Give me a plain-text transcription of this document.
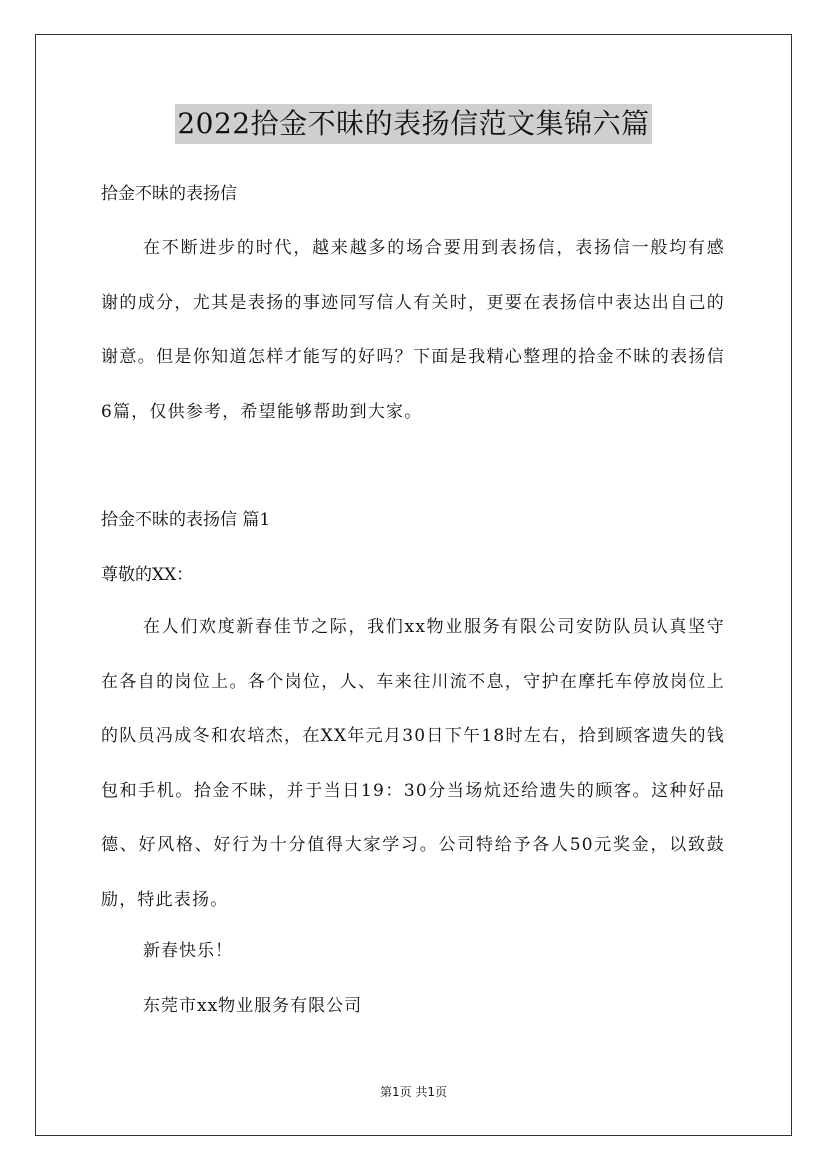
2022拾金不昧的表扬信范文集锦六篇

拾金不昧的表扬信

在不断进步的时代，越来越多的场合要用到表扬信，表扬信一般均有感谢的成分，尤其是表扬的事迹同写信人有关时，更要在表扬信中表达出自己的谢意。但是你知道怎样才能写的好吗？下面是我精心整理的拾金不昧的表扬信6篇，仅供参考，希望能够帮助到大家。

拾金不昧的表扬信 篇1

尊敬的XX：

在人们欢度新春佳节之际，我们xx物业服务有限公司安防队员认真坚守在各自的岗位上。各个岗位，人、车来往川流不息，守护在摩托车停放岗位上的队员冯成冬和农培杰，在XX年元月30日下午18时左右，拾到顾客遗失的钱包和手机。拾金不昧，并于当日19：30分当场炕还给遗失的顾客。这种好品德、好风格、好行为十分值得大家学习。公司特给予各人50元奖金，以致鼓励，特此表扬。

新春快乐！

东莞市xx物业服务有限公司

第1页 共1页
